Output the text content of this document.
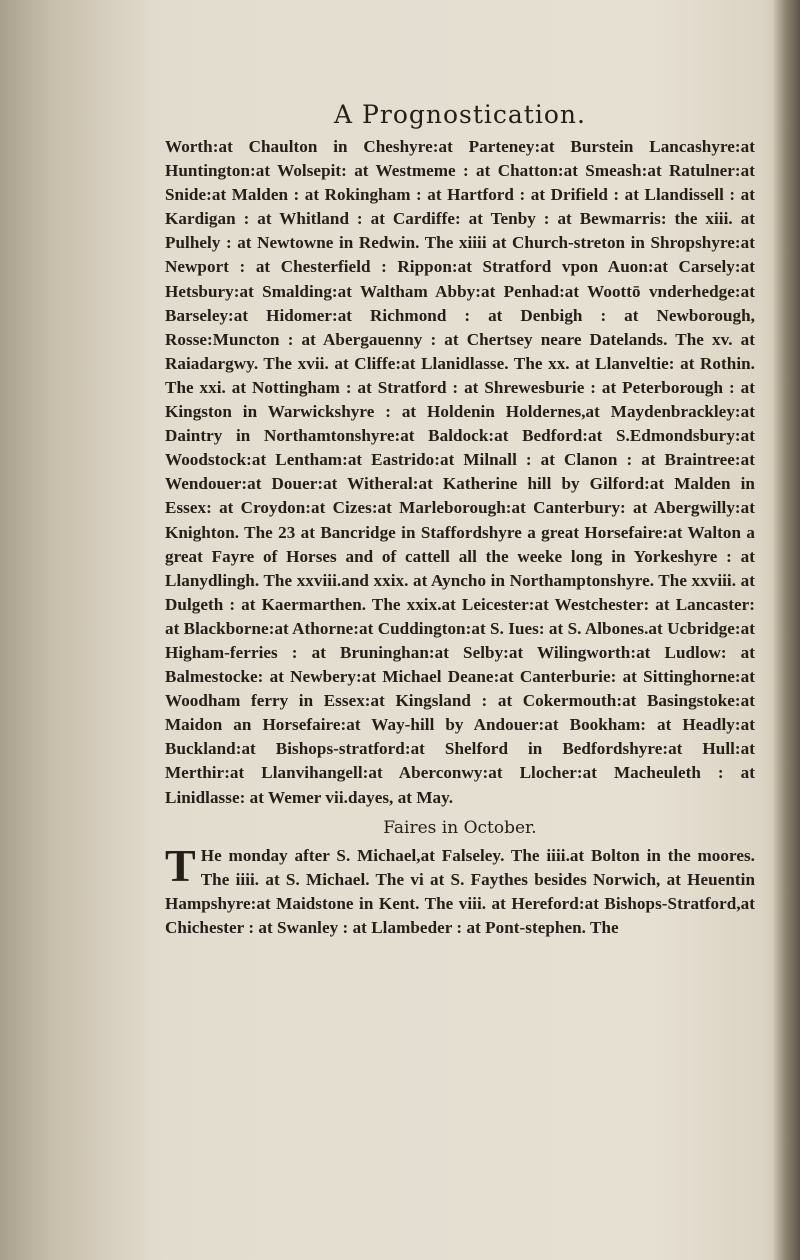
A Prognostication.

Worth:at Chaulton in Cheshyre:at Parteney:at Burstein Lancashyre:at Huntington:at Wolsepit: at Westmeme : at Chatton:at Smeash:at Ratulner:at Snide:at Malden : at Rokingham : at Hartford : at Drifield : at Llandissell : at Kardigan : at Whitland : at Cardiffe: at Tenby : at Bewmarris: the xiii. at Pulhely : at Newtowne in Redwin. The xiiii at Church-streton in Shropshyre:at Newport : at Chesterfield : Rippon:at Stratford vpon Auon:at Carsely:at Hetsbury:at Smalding:at Waltham Abby:at Penhad:at Woottō vnderhedge:at Barseley:at Hidomer:at Richmond : at Denbigh : at Newborough, Rosse:Muncton : at Abergauenny : at Chertsey neare Datelands. The xv. at Raiadargwy. The xvii. at Cliffe:at Llanidlasse. The xx. at Llanveltie: at Rothin. The xxi. at Nottingham : at Stratford : at Shrewesburie : at Peterborough : at Kingston in Warwickshyre : at Holdenin Holdernes,at Maydenbrackley:at Daintry in Northamtonshyre:at Baldock:at Bedford:at S.Edmondsbury:at Woodstock:at Lentham:at Eastrido:at Milnall : at Clanon : at Braintree:at Wendouer:at Douer:at Witheral:at Katherine hill by Gilford:at Malden in Essex: at Croydon:at Cizes:at Marleborough:at Canterbury: at Abergwilly:at Knighton. The 23 at Bancridge in Staffordshyre a great Horsefaire:at Walton a great Fayre of Horses and of cattell all the weeke long in Yorkeshyre : at Llanydlingh. The xxviii.and xxix. at Ayncho in Northamptonshyre. The xxviii. at Dulgeth : at Kaermarthen. The xxix.at Leicester:at Westchester: at Lancaster: at Blackborne:at Athorne:at Cuddington:at S. Iues: at S. Albones.at Ucbridge:at Higham-ferries : at Bruninghan:at Selby:at Wilingworth:at Ludlow: at Balmestocke: at Newbery:at Michael Deane:at Canterburie: at Sittinghorne:at Woodham ferry in Essex:at Kingsland : at Cokermouth:at Basingstoke:at Maidon an Horsefaire:at Way-hill by Andouer:at Bookham: at Headly:at Buckland:at Bishops-stratford:at Shelford in Bedfordshyre:at Hull:at Merthir:at Llanvihangell:at Aberconwy:at Llocher:at Macheuleth : at Linidlasse: at Wemer vii.dayes, at May.

Faires in October.

T He monday after S. Michael,at Falseley. The iiii.at Bolton in the moores. The iiii. at S. Michael. The vi at S. Faythes besides Norwich, at Heuentin Hampshyre:at Maidstone in Kent. The viii. at Hereford:at Bishops-Stratford,at Chichester : at Swanley : at Llambeder : at Pont-stephen. The
